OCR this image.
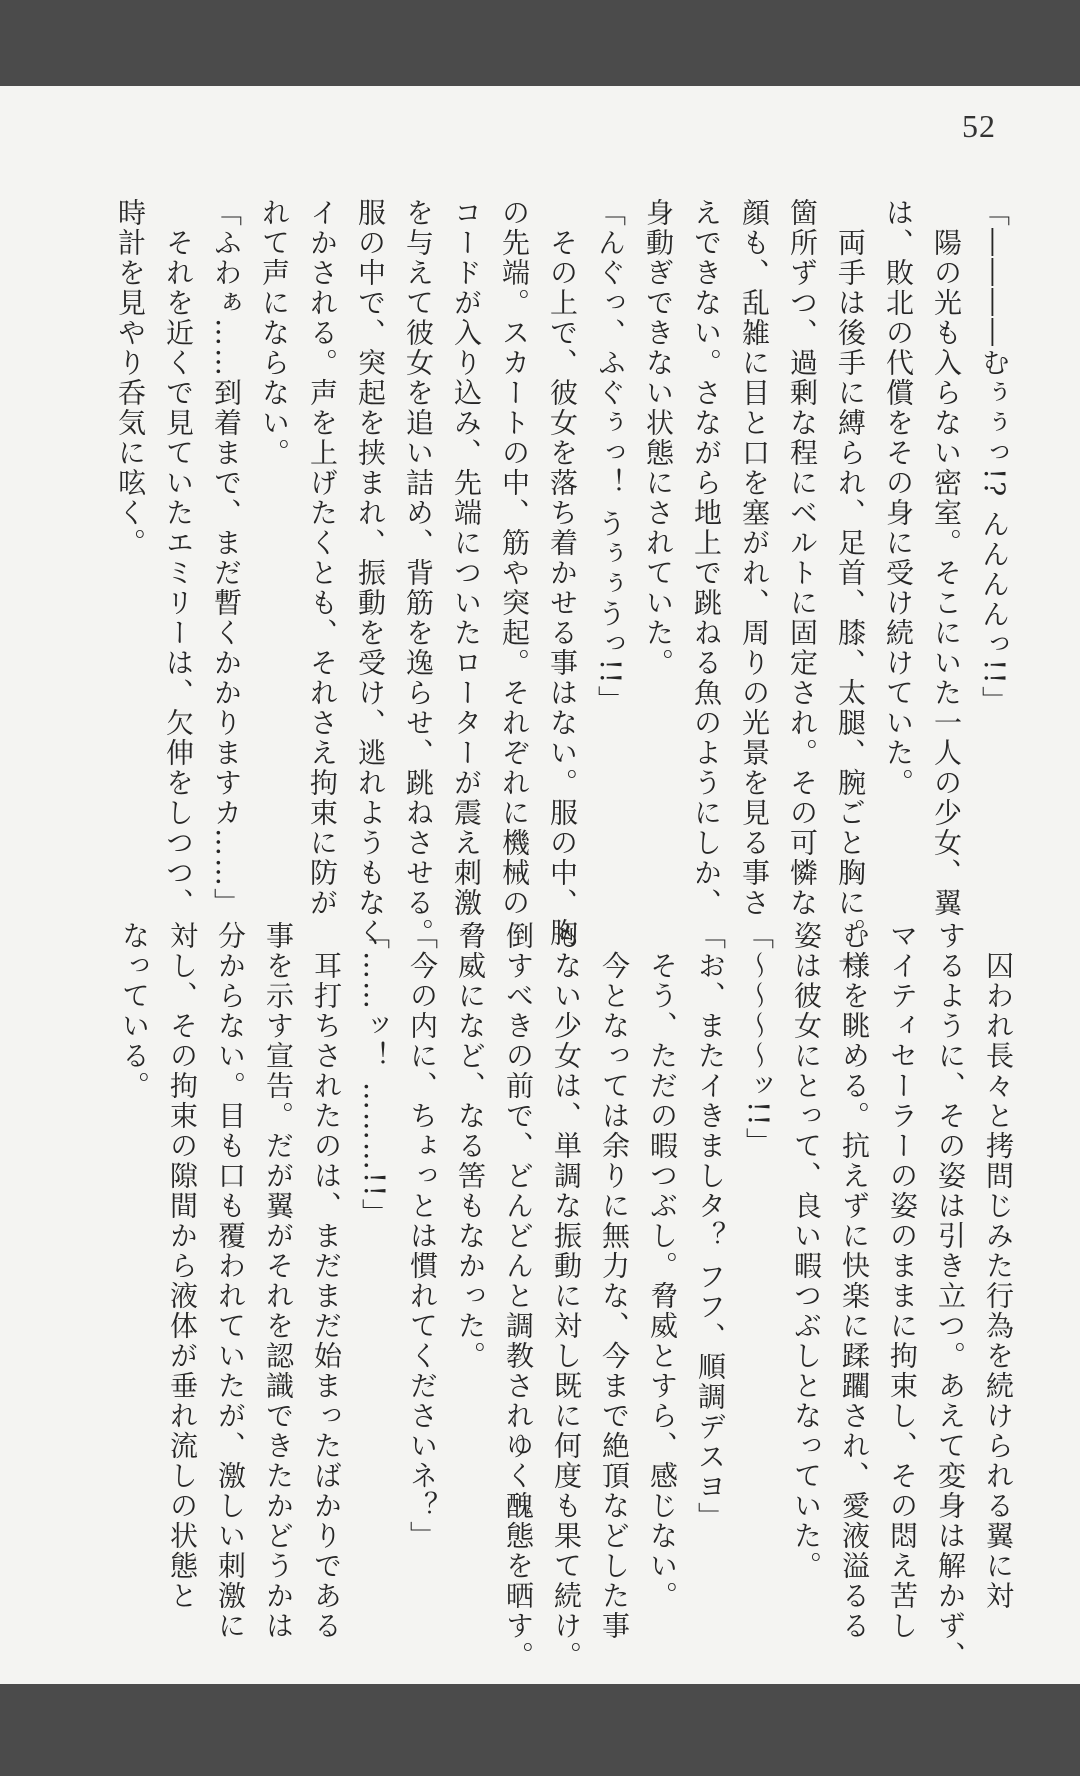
52
「――――むぅぅっ!? んんんんっ!!」
　陽の光も入らない密室。そこにいた一人の少女、翼
は、敗北の代償をその身に受け続けていた。
　両手は後手に縛られ、足首、膝、太腿、腕ごと胸に。一
箇所ずつ、過剰な程にベルトに固定され。その可憐な
顔も、乱雑に目と口を塞がれ、周りの光景を見る事さ
えできない。さながら地上で跳ねる魚のようにしか、
身動ぎできない状態にされていた。
「んぐっ、ふぐぅっ！ うぅぅうっ!!」
　その上で、彼女を落ち着かせる事はない。服の中、胸
の先端。スカートの中、筋や突起。それぞれに機械の
コードが入り込み、先端についたローターが震え刺激
を与えて彼女を追い詰め、背筋を逸らせ、跳ねさせる。
服の中で、突起を挟まれ、振動を受け、逃れようもなく
イかされる。声を上げたくとも、それさえ拘束に防が
れて声にならない。
「ふわぁ……到着まで、まだ暫くかかりますカ……」
　それを近くで見ていたエミリーは、欠伸をしつつ、
時計を見やり呑気に呟く。
　囚われ長々と拷問じみた行為を続けられる翼に対
するように、その姿は引き立つ。あえて変身は解かず、
マイティセーラーの姿のままに拘束し、その悶え苦し
む様を眺める。抗えずに快楽に蹂躙され、愛液溢るる
姿は彼女にとって、良い暇つぶしとなっていた。
「～～～～ッ!!」
「お、またイきましタ？ フフ、順調デスヨ」
　そう、ただの暇つぶし。脅威とすら、感じない。
　今となっては余りに無力な、今まで絶頂などした事
もない少女は、単調な振動に対し既に何度も果て続け。
倒すべきの前で、どんどんと調教されゆく醜態を晒す。
脅威になど、なる筈もなかった。
「今の内に、ちょっとは慣れてくださいネ？」
「……ッ！ ………!!」
　耳打ちされたのは、まだまだ始まったばかりである
事を示す宣告。だが翼がそれを認識できたかどうかは
分からない。目も口も覆われていたが、激しい刺激に
対し、その拘束の隙間から液体が垂れ流しの状態と
なっている。
